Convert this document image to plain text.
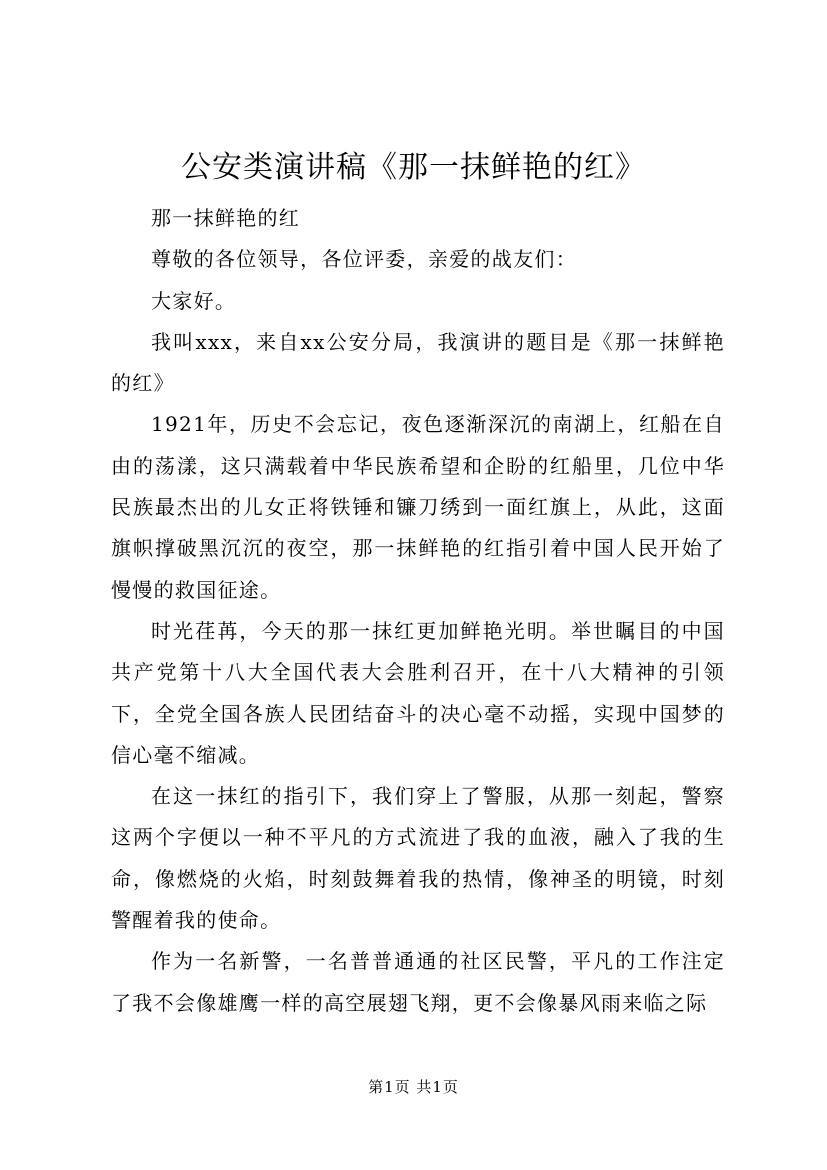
公安类演讲稿《那一抹鲜艳的红》

那一抹鲜艳的红

尊敬的各位领导，各位评委，亲爱的战友们：

大家好。

我叫xxx，来自xx公安分局，我演讲的题目是《那一抹鲜艳的红》

1921年，历史不会忘记，夜色逐渐深沉的南湖上，红船在自由的荡漾，这只满载着中华民族希望和企盼的红船里，几位中华民族最杰出的儿女正将铁锤和镰刀绣到一面红旗上，从此，这面旗帜撑破黑沉沉的夜空，那一抹鲜艳的红指引着中国人民开始了慢慢的救国征途。

时光荏苒，今天的那一抹红更加鲜艳光明。举世瞩目的中国共产党第十八大全国代表大会胜利召开，在十八大精神的引领下，全党全国各族人民团结奋斗的决心毫不动摇，实现中国梦的信心毫不缩减。

在这一抹红的指引下，我们穿上了警服，从那一刻起，警察这两个字便以一种不平凡的方式流进了我的血液，融入了我的生命，像燃烧的火焰，时刻鼓舞着我的热情，像神圣的明镜，时刻警醒着我的使命。

作为一名新警，一名普普通通的社区民警，平凡的工作注定了我不会像雄鹰一样的高空展翅飞翔，更不会像暴风雨来临之际

第1页 共1页
